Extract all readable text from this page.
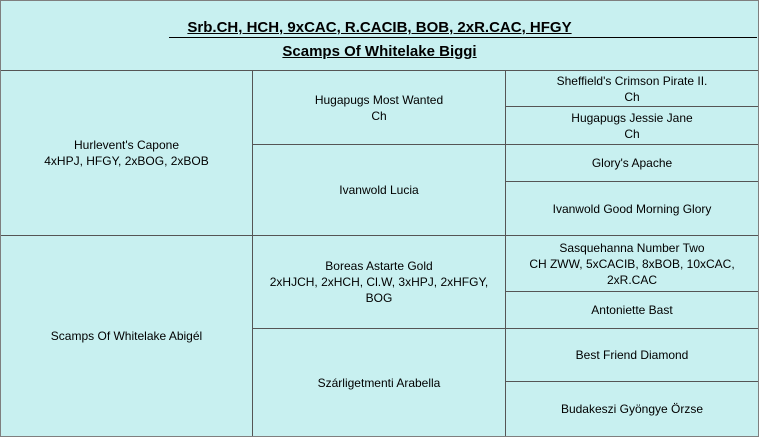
Srb.CH, HCH, 9xCAC, R.CACIB, BOB, 2xR.CAC, HFGY
Scamps Of Whitelake Biggi
Hurlevent's Capone
4xHPJ, HFGY, 2xBOG, 2xBOB
Scamps Of Whitelake Abigél
Hugapugs Most Wanted
Ch
Ivanwold Lucia
Boreas Astarte Gold
2xHJCH, 2xHCH, Cl.W, 3xHPJ, 2xHFGY,
BOG
Szárligetmenti Arabella
Sheffield's Crimson Pirate II.
Ch
Hugapugs Jessie Jane
Ch
Glory's Apache
Ivanwold Good Morning Glory
Sasquehanna Number Two
CH ZWW, 5xCACIB, 8xBOB, 10xCAC,
2xR.CAC
Antoniette Bast
Best Friend Diamond
Budakeszi Gyöngye Örzse
